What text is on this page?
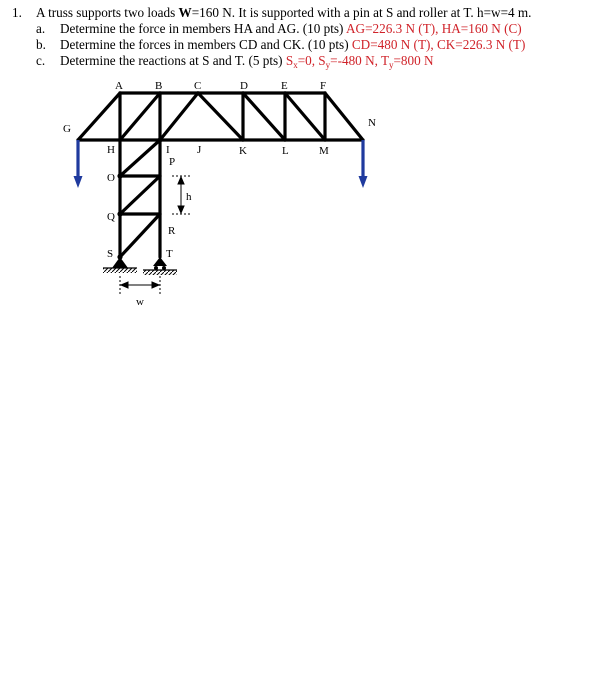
1. A truss supports two loads W=160 N. It is supported with a pin at S and roller at T. h=w=4 m.
a. Determine the force in members HA and AG. (10 pts) AG=226.3 N (T), HA=160 N (C)
b. Determine the forces in members CD and CK. (10 pts) CD=480 N (T), CK=226.3 N (T)
c. Determine the reactions at S and T. (5 pts) $S_x=0$, $S_y=-480$ N, $T_y=800$ N
h
w
A	B	C	D	E	F
G
H	I J	K	L	M
N
O
P
Q
R
S	T
